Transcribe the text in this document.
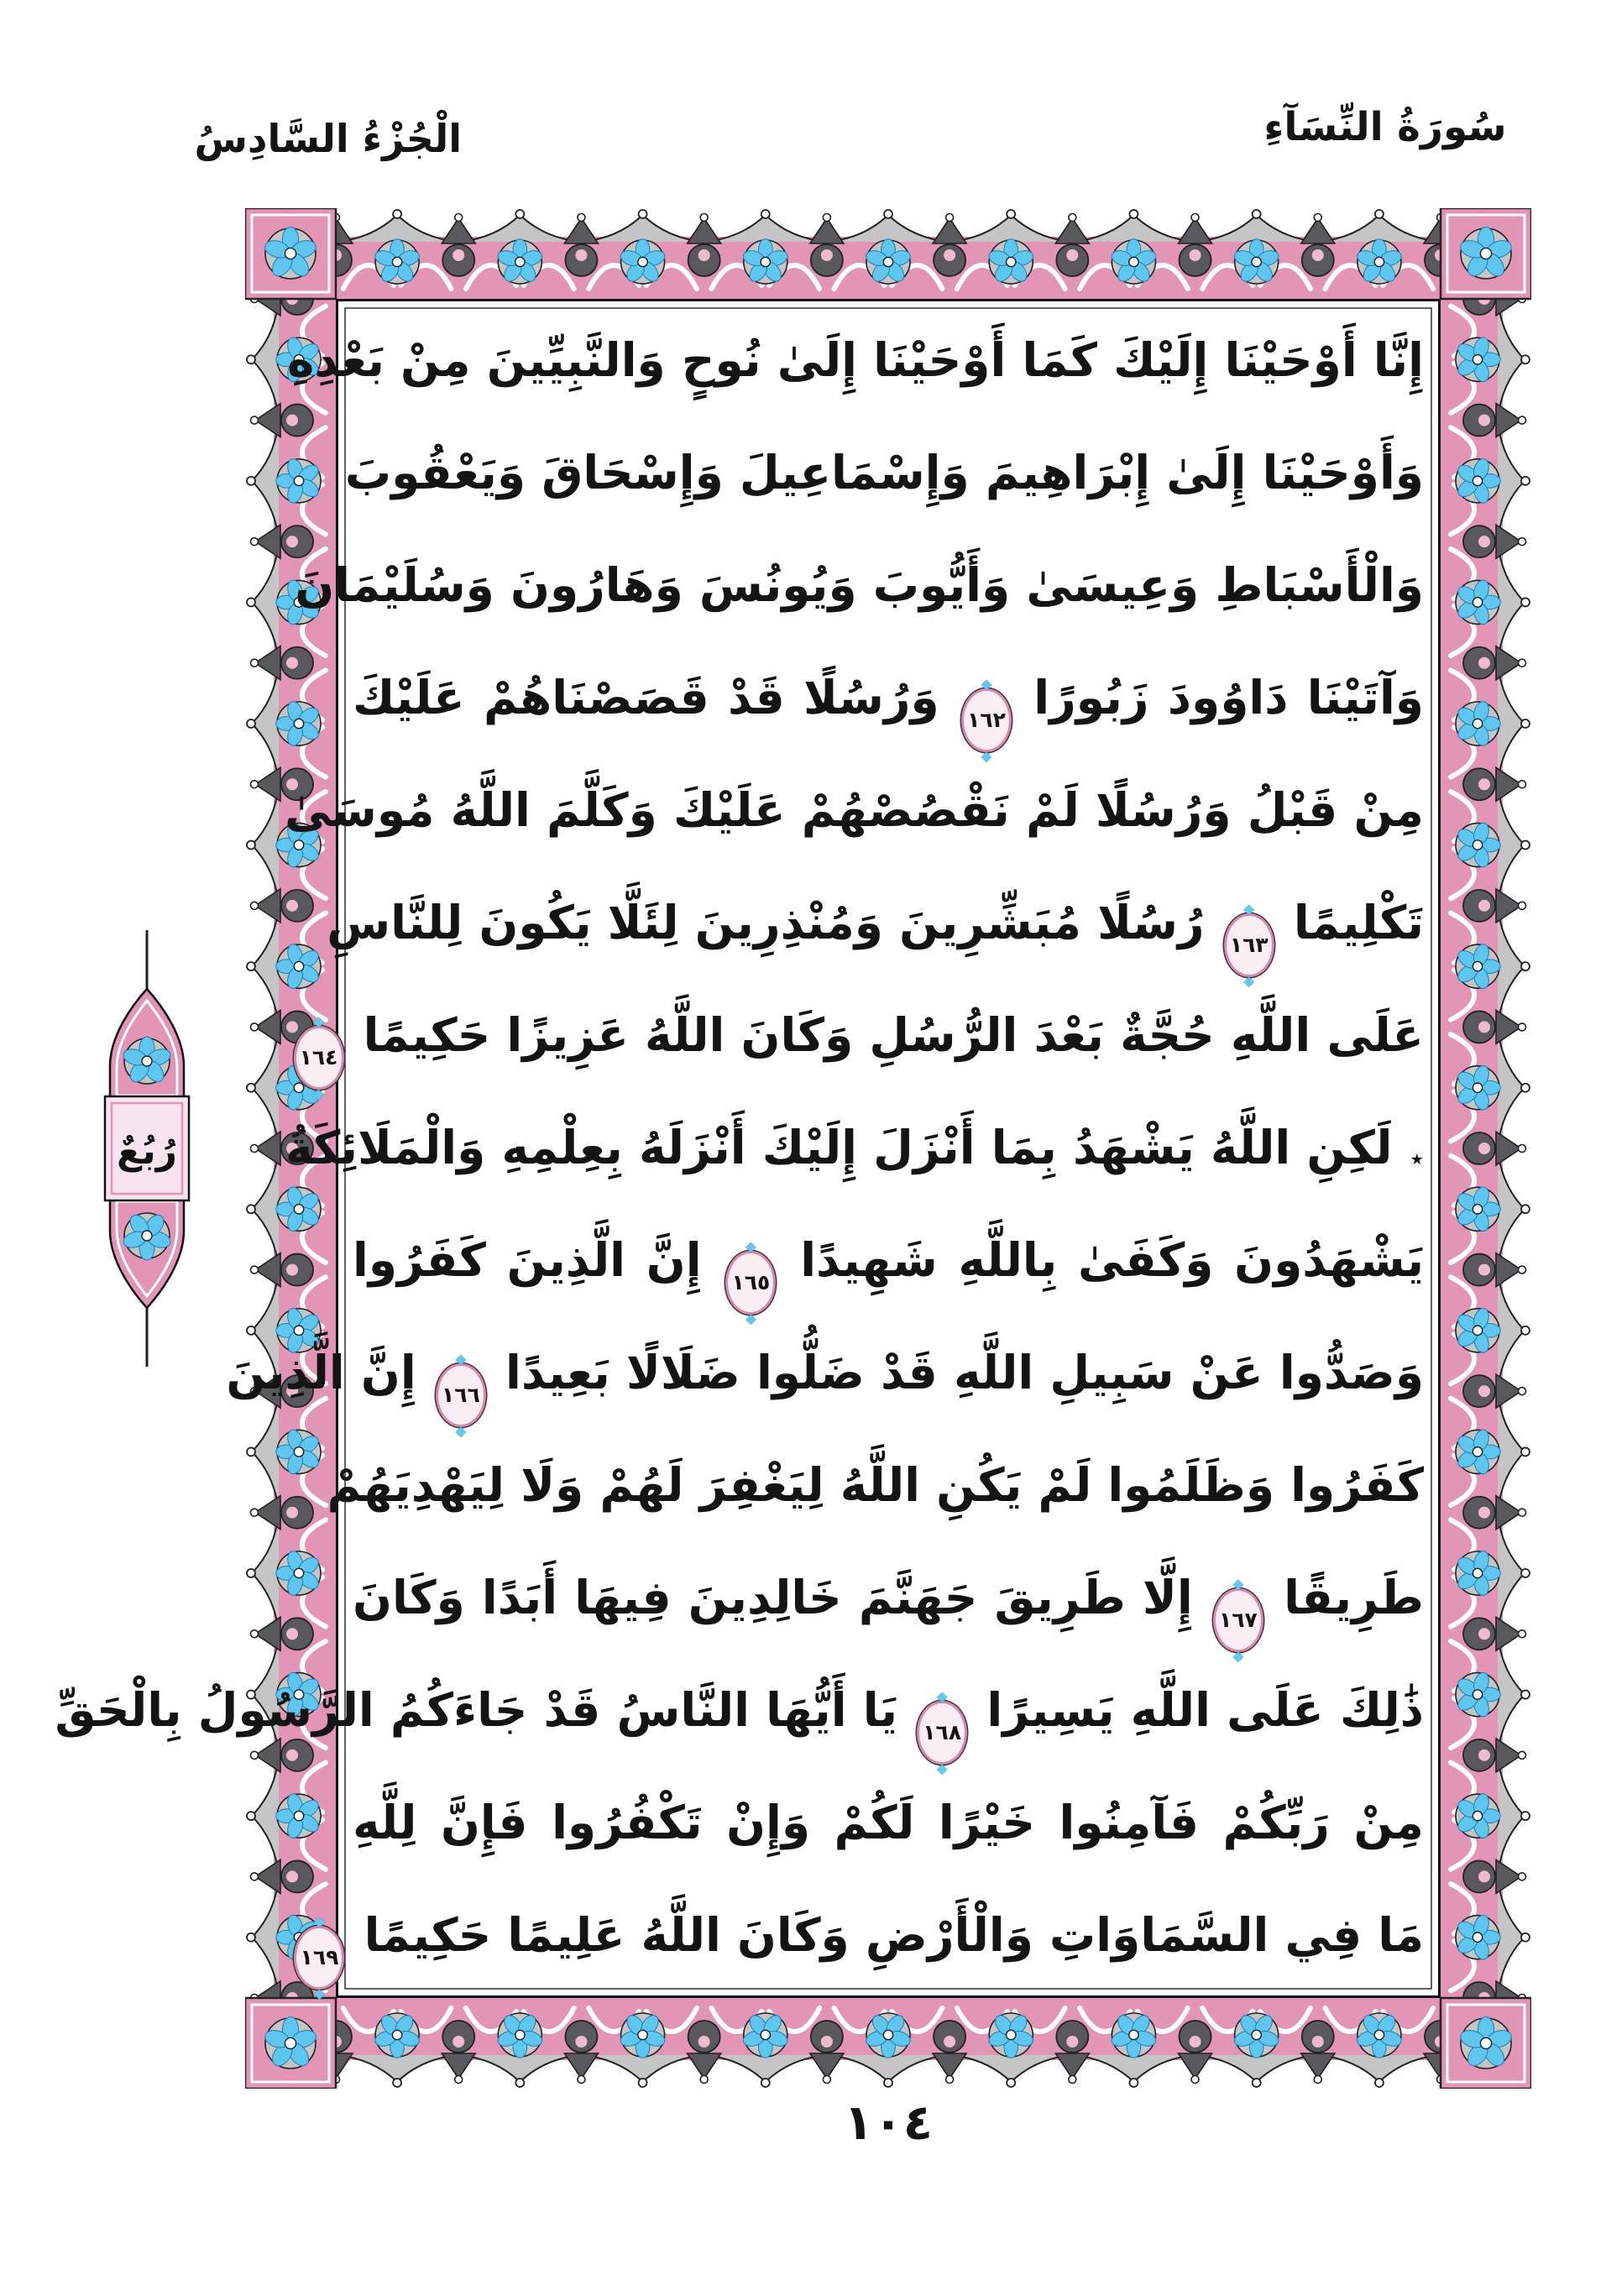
الْجُزْءُ السَّادِسُ	سُورَةُ النِّسَآءِ
إِنَّا أَوْحَيْنَا إِلَيْكَ كَمَا أَوْحَيْنَا إِلَىٰ نُوحٍ وَالنَّبِيِّينَ مِنْ بَعْدِهِ
وَأَوْحَيْنَا إِلَىٰ إِبْرَاهِيمَ وَإِسْمَاعِيلَ وَإِسْحَاقَ وَيَعْقُوبَ
وَالْأَسْبَاطِ وَعِيسَىٰ وَأَيُّوبَ وَيُونُسَ وَهَارُونَ وَسُلَيْمَانَ
وَآتَيْنَا دَاوُودَ زَبُورًا ◆ ١٦٢ ◆ وَرُسُلًا قَدْ قَصَصْنَاهُمْ عَلَيْكَ
مِنْ قَبْلُ وَرُسُلًا لَمْ نَقْصُصْهُمْ عَلَيْكَ وَكَلَّمَ اللَّهُ مُوسَىٰ
تَكْلِيمًا ◆ ١٦٣ ◆ رُسُلًا مُبَشِّرِينَ وَمُنْذِرِينَ لِئَلَّا يَكُونَ لِلنَّاسِ
عَلَى اللَّهِ حُجَّةٌ بَعْدَ الرُّسُلِ وَكَانَ اللَّهُ عَزِيزًا حَكِيمًا ◆ ١٦٤ ◆
٭ لَكِنِ اللَّهُ يَشْهَدُ بِمَا أَنْزَلَ إِلَيْكَ أَنْزَلَهُ بِعِلْمِهِ وَالْمَلَائِكَةُ
يَشْهَدُونَ وَكَفَىٰ بِاللَّهِ شَهِيدًا ◆ ١٦٥ ◆ إِنَّ الَّذِينَ كَفَرُوا
وَصَدُّوا عَنْ سَبِيلِ اللَّهِ قَدْ ضَلُّوا ضَلَالًا بَعِيدًا ◆ ١٦٦ ◆ إِنَّ الَّذِينَ
كَفَرُوا وَظَلَمُوا لَمْ يَكُنِ اللَّهُ لِيَغْفِرَ لَهُمْ وَلَا لِيَهْدِيَهُمْ
طَرِيقًا ◆ ١٦٧ ◆ إِلَّا طَرِيقَ جَهَنَّمَ خَالِدِينَ فِيهَا أَبَدًا وَكَانَ
ذَٰلِكَ عَلَى اللَّهِ يَسِيرًا ◆ ١٦٨ ◆ يَا أَيُّهَا النَّاسُ قَدْ جَاءَكُمُ الرَّسُولُ بِالْحَقِّ
مِنْ رَبِّكُمْ فَآمِنُوا خَيْرًا لَكُمْ وَإِنْ تَكْفُرُوا فَإِنَّ لِلَّهِ
مَا فِي السَّمَاوَاتِ وَالْأَرْضِ وَكَانَ اللَّهُ عَلِيمًا حَكِيمًا ◆ ١٦٩ ◆
رُبُعٌ
١٠٤
